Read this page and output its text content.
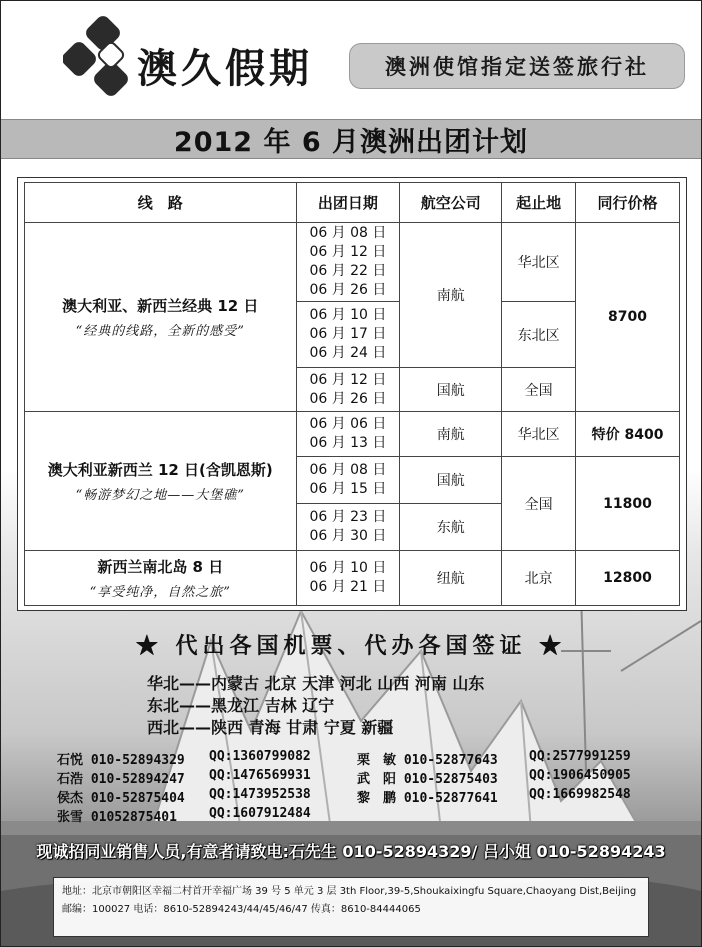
澳久假期	澳洲使馆指定送签旅行社
2012 年 6 月澳洲出团计划
线　路	出团日期	航空公司	起止地	同行价格

澳大利亚、新西兰经典 12 日
“经典的线路，全新的感受”	06 月 08 日
06 月 12 日
06 月 22 日
06 月 26 日	南航	华北区	8700

	06 月 10 日
06 月 17 日
06 月 24 日		东北区	

	06 月 12 日
06 月 26 日	国航	全国	

澳大利亚新西兰 12 日(含凯恩斯)
“畅游梦幻之地——大堡礁”	06 月 06 日
06 月 13 日	南航	华北区	特价 8400

	06 月 08 日
06 月 15 日	国航	全国	11800

	06 月 23 日
06 月 30 日	东航		

新西兰南北岛 8 日
“享受纯净，自然之旅”	06 月 10 日
06 月 21 日	纽航	北京	12800
★ 代出各国机票、代办各国签证 ★
华北——内蒙古 北京 天津 河北 山西 河南 山东
东北——黑龙江 吉林 辽宁
西北——陕西 青海 甘肃 宁夏 新疆
石悦 010-52894329 QQ:1360799082	栗　敏 010-52877643 QQ:2577991259
石浩 010-52894247 QQ:1476569931	武　阳 010-52875403 QQ:1906450905
侯杰 010-52875404 QQ:1473952538	黎　鹏 010-52877641 QQ:1669982548
张雪 01052875401 QQ:1607912484
现诚招同业销售人员,有意者请致电:石先生 010-52894329/ 吕小姐 010-52894243
地址：北京市朝阳区幸福二村首开幸福广场 39 号 5 单元 3 层 3th Floor,39-5,Shoukaixingfu Square,Chaoyang Dist,Beijing
邮编：100027 电话：8610-52894243/44/45/46/47 传真：8610-84444065
